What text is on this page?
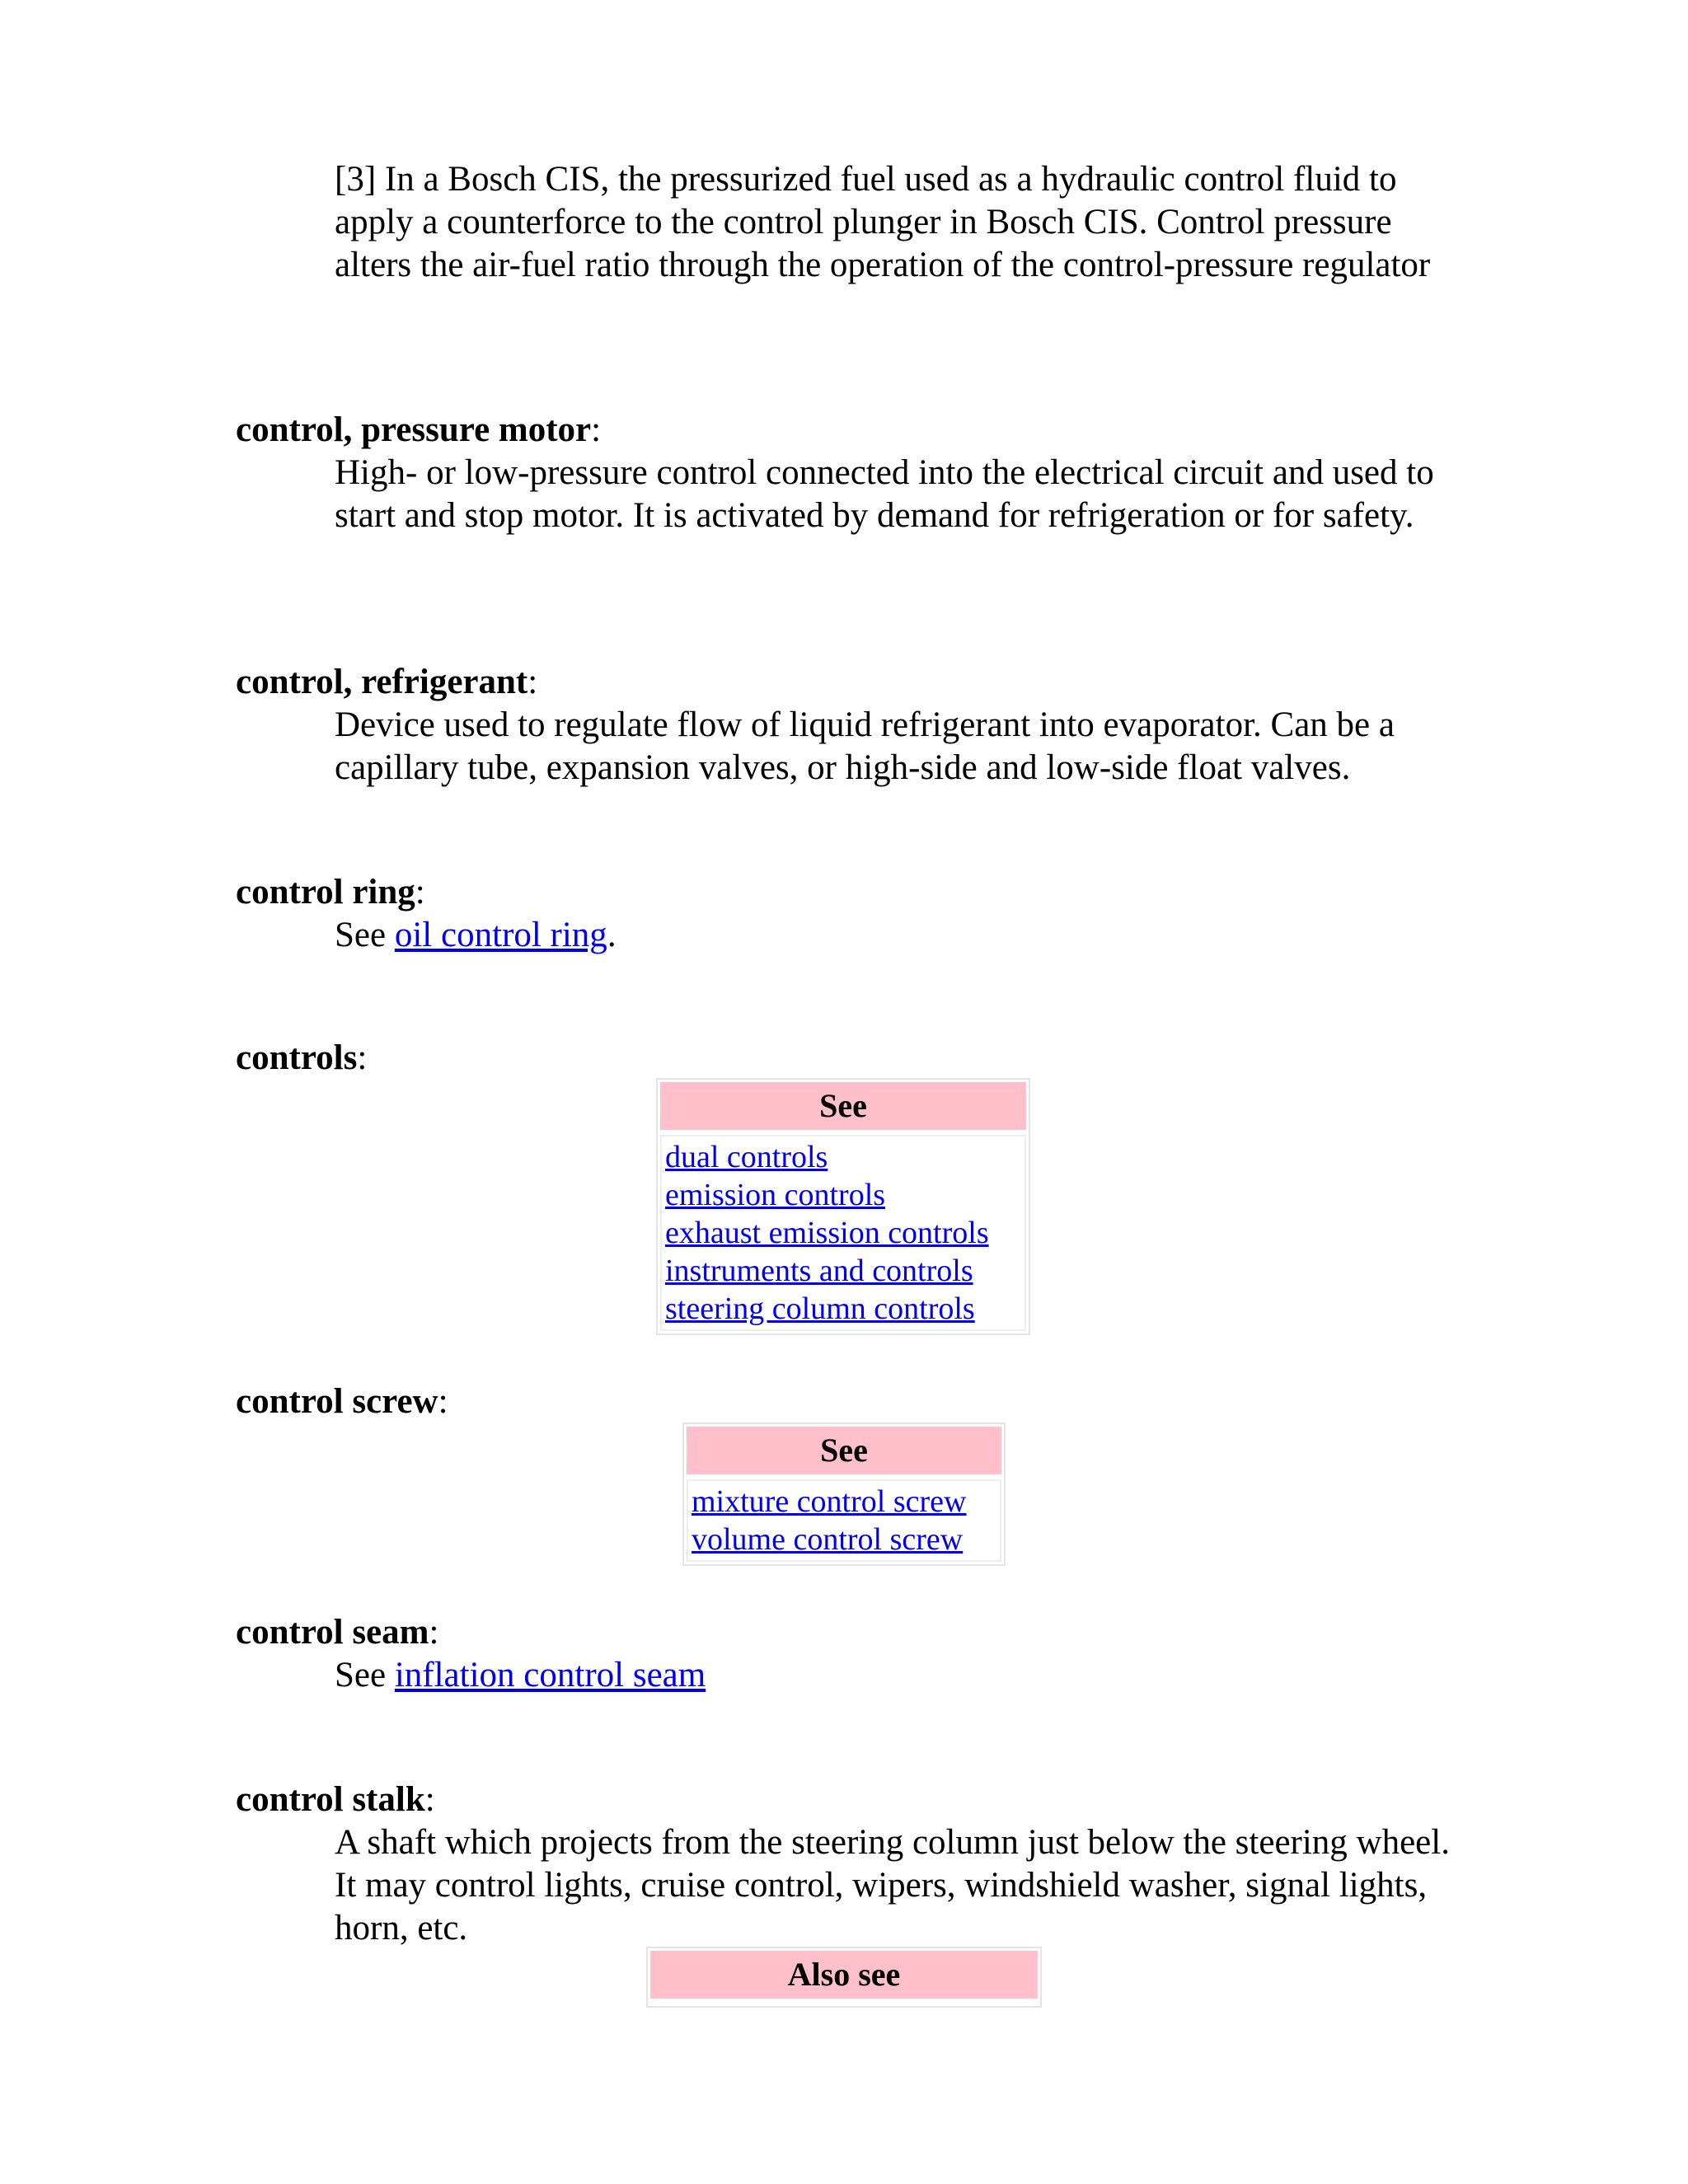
[3] In a Bosch CIS, the pressurized fuel used as a hydraulic control fluid to apply a counterforce to the control plunger in Bosch CIS. Control pressure alters the air-fuel ratio through the operation of the control-pressure regulator
control, pressure motor:
High- or low-pressure control connected into the electrical circuit and used to start and stop motor. It is activated by demand for refrigeration or for safety.
control, refrigerant:
Device used to regulate flow of liquid refrigerant into evaporator. Can be a capillary tube, expansion valves, or high-side and low-side float valves.
control ring:
See oil control ring.
controls:
See
dual controls
emission controls
exhaust emission controls
instruments and controls
steering column controls
control screw:
See
mixture control screw
volume control screw
control seam:
See inflation control seam
control stalk:
A shaft which projects from the steering column just below the steering wheel. It may control lights, cruise control, wipers, windshield washer, signal lights, horn, etc.
Also see
